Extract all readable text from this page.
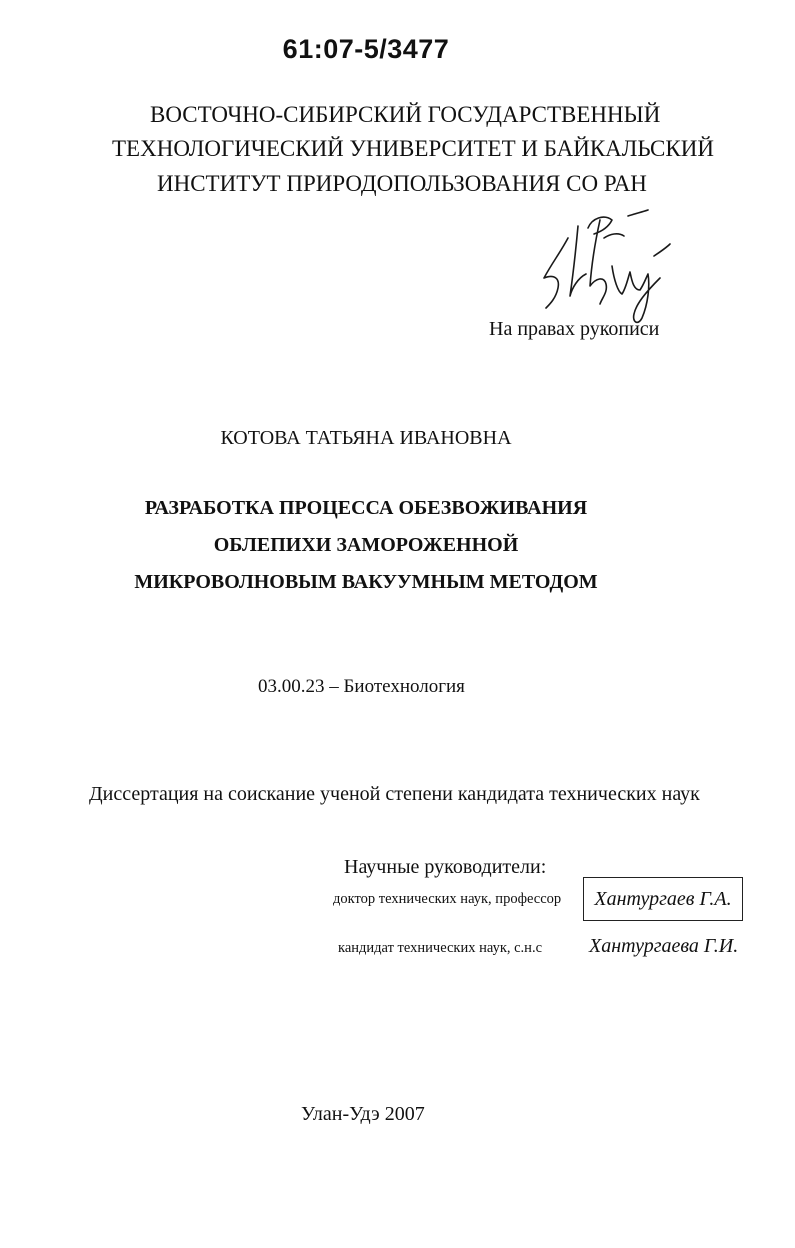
61:07-5/3477
ВОСТОЧНО-СИБИРСКИЙ ГОСУДАРСТВЕННЫЙ
ТЕХНОЛОГИЧЕСКИЙ УНИВЕРСИТЕТ И БАЙКАЛЬСКИЙ
ИНСТИТУТ ПРИРОДОПОЛЬЗОВАНИЯ СО РАН
На правах рукописи
КОТОВА ТАТЬЯНА ИВАНОВНА
РАЗРАБОТКА ПРОЦЕССА ОБЕЗВОЖИВАНИЯ
ОБЛЕПИХИ ЗАМОРОЖЕННОЙ
МИКРОВОЛНОВЫМ ВАКУУМНЫМ МЕТОДОМ
03.00.23 – Биотехнология
Диссертация на соискание ученой степени кандидата технических наук
Научные руководители:
доктор технических наук, профессор Хантургаев Г.А.
кандидат технических наук, с.н.с Хантургаева Г.И.
Улан-Удэ 2007
